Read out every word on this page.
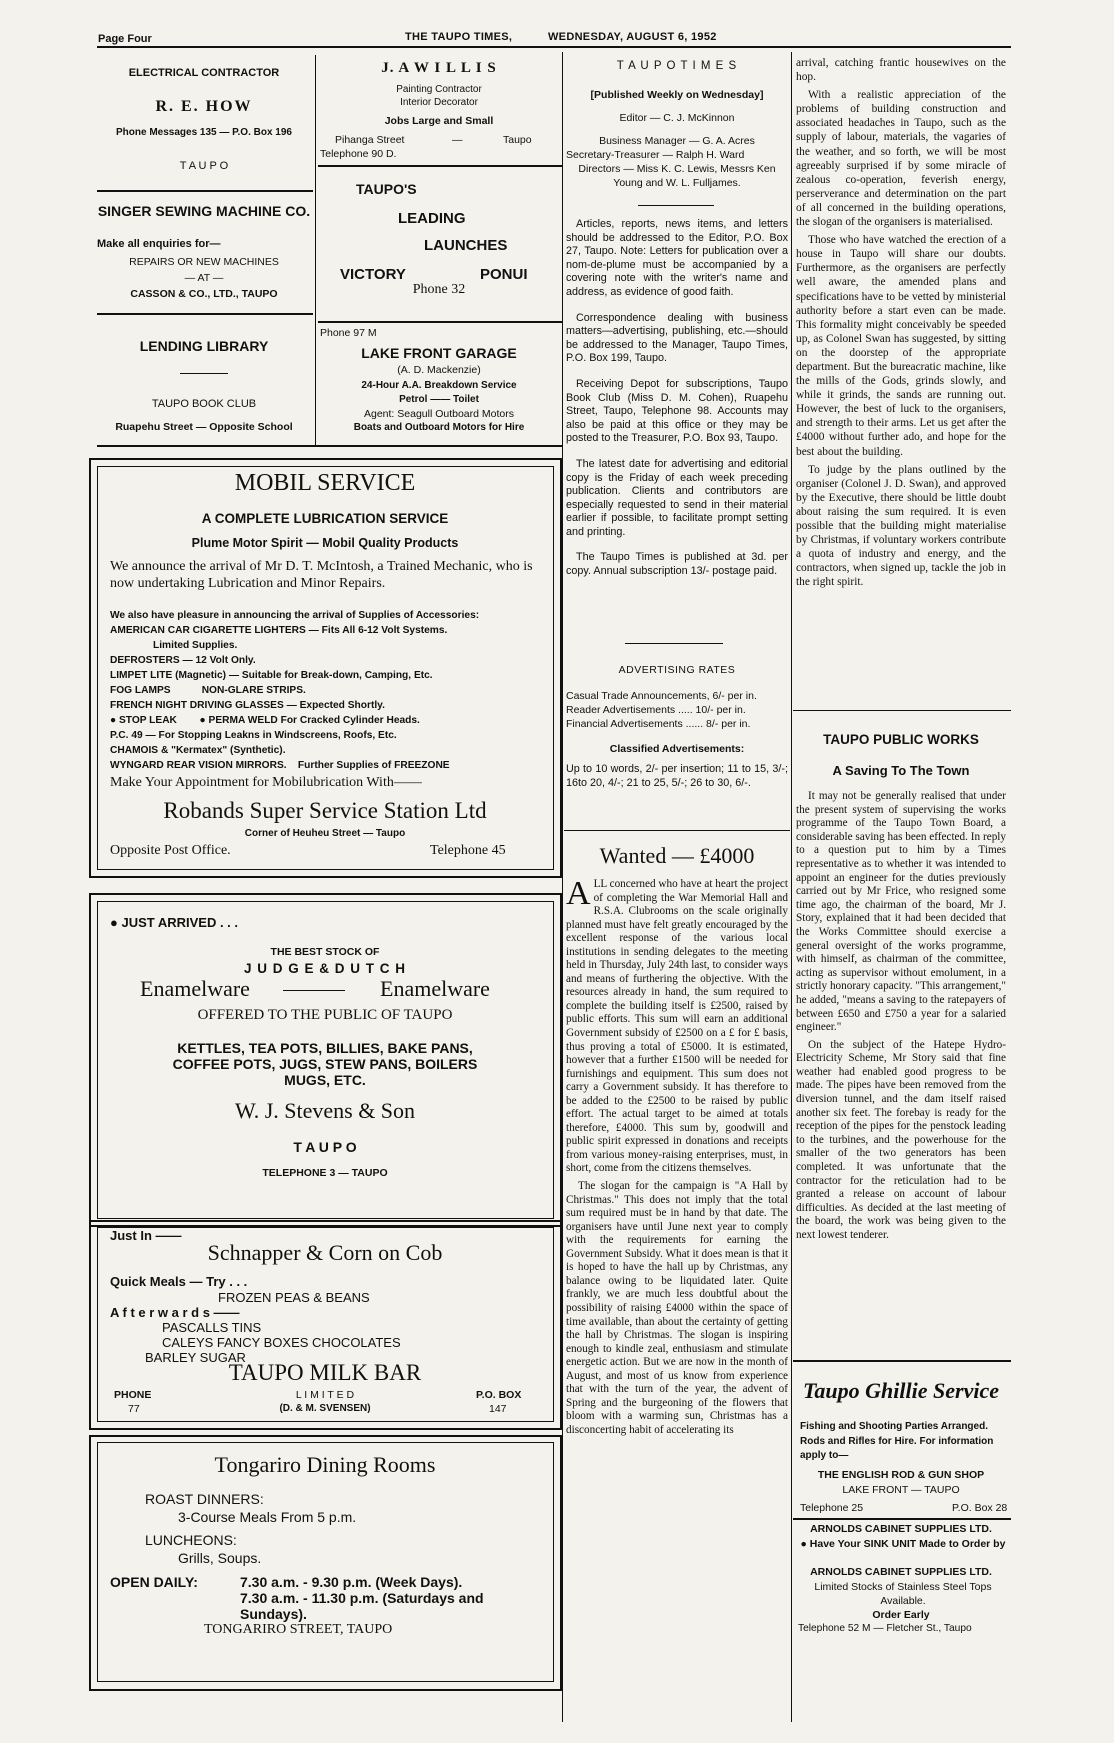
Page Four	THE TAUPO TIMES,	WEDNESDAY, AUGUST 6, 1952
ELECTRICAL CONTRACTOR
R. E. HOW
Phone Messages 135 — P.O. Box 196
T A U P O
SINGER SEWING MACHINE CO.
Make all enquiries for—
REPAIRS OR NEW MACHINES
— AT —
CASSON & CO., LTD., TAUPO
LENDING LIBRARY
TAUPO BOOK CLUB
Ruapehu Street — Opposite School
J. A W I L L I S
Painting Contractor
Interior Decorator
Jobs Large and Small
Pihanga Street	—	Taupo
Telephone 90 D.
TAUPO'S
LEADING
LAUNCHES
VICTORY	PONUI
Phone 32
Phone 97 M
LAKE FRONT GARAGE
(A. D. Mackenzie)
24-Hour A.A. Breakdown Service
Petrol —— Toilet
Agent: Seagull Outboard Motors
Boats and Outboard Motors for Hire
MOBIL SERVICE
A COMPLETE LUBRICATION SERVICE
Plume Motor Spirit — Mobil Quality Products
We announce the arrival of Mr D. T. McIntosh, a Trained Mechanic, who is now undertaking Lubrication and Minor Repairs.
We also have pleasure in announcing the arrival of Supplies of Accessories:
AMERICAN CAR CIGARETTE LIGHTERS — Fits All 6-12 Volt Systems.
Limited Supplies.
DEFROSTERS — 12 Volt Only.
LIMPET LITE (Magnetic) — Suitable for Break-down, Camping, Etc.
FOG LAMPS           NON-GLARE STRIPS.
FRENCH NIGHT DRIVING GLASSES — Expected Shortly.
● STOP LEAK        ● PERMA WELD For Cracked Cylinder Heads.
P.C. 49 — For Stopping Leakns in Windscreens, Roofs, Etc.
CHAMOIS & "Kermatex" (Synthetic).
WYNGARD REAR VISION MIRRORS.    Further Supplies of FREEZONE
Make Your Appointment for Mobilubrication With——
Robands Super Service Station Ltd
Corner of Heuheu Street — Taupo
Opposite Post Office.	Telephone 45
● JUST ARRIVED . . .
THE BEST STOCK OF
J U D G E & D U T C H
Enamelware	Enamelware
OFFERED TO THE PUBLIC OF TAUPO
KETTLES, TEA POTS, BILLIES, BAKE PANS,
COFFEE POTS, JUGS, STEW PANS, BOILERS
MUGS, ETC.
W. J. Stevens & Son
T A U P O
TELEPHONE 3 — TAUPO
Just In ——
Schnapper & Corn on Cob
Quick Meals — Try . . .
FROZEN PEAS & BEANS
A f t e r w a r d s ——
PASCALLS TINS
CALEYS FANCY BOXES CHOCOLATES
BARLEY SUGAR
TAUPO MILK BAR
PHONE
77
L I M I T E D
(D. & M. SVENSEN)
P.O. BOX
147
Tongariro Dining Rooms
ROAST DINNERS:
3-Course Meals From 5 p.m.
LUNCHEONS:
Grills, Soups.
OPEN DAILY:	7.30 a.m. - 9.30 p.m. (Week Days).
7.30 a.m. - 11.30 p.m. (Saturdays and
Sundays).
TONGARIRO STREET, TAUPO
T A U P O T I M E S
[Published Weekly on Wednesday]
Editor — C. J. McKinnon
Business Manager — G. A. Acres
Secretary-Treasurer — Ralph H. Ward
Directors — Miss K. C. Lewis, Messrs Ken Young and W. L. Fulljames.

Articles, reports, news items, and letters should be addressed to the Editor, P.O. Box 27, Taupo. Note: Letters for publication over a nom-de-plume must be accompanied by a covering note with the writer's name and address, as evidence of good faith.

Correspondence dealing with business matters—advertising, publishing, etc.—should be addressed to the Manager, Taupo Times, P.O. Box 199, Taupo.

Receiving Depot for subscriptions, Taupo Book Club (Miss D. M. Cohen), Ruapehu Street, Taupo, Telephone 98. Accounts may also be paid at this office or they may be posted to the Treasurer, P.O. Box 93, Taupo.

The latest date for advertising and editorial copy is the Friday of each week preceding publication. Clients and contributors are especially requested to send in their material earlier if possible, to facilitate prompt setting and printing.

The Taupo Times is published at 3d. per copy. Annual subscription 13/- postage paid.

ADVERTISING RATES
Casual Trade Announcements, 6/- per in.
Reader Advertisements ..... 10/- per in.
Financial Advertisements ...... 8/- per in.
Classified Advertisements:
Up to 10 words, 2/- per insertion; 11 to 15, 3/-; 16to 20, 4/-; 21 to 25, 5/-; 26 to 30, 6/-.
Wanted — £4000

ALL concerned who have at heart the project of completing the War Memorial Hall and R.S.A. Clubrooms on the scale originally planned must have felt greatly encouraged by the excellent response of the various local institutions in sending delegates to the meeting held in Thursday, July 24th last, to consider ways and means of furthering the objective. With the resources already in hand, the sum required to complete the building itself is £2500, raised by public efforts. This sum will earn an additional Government subsidy of £2500 on a £ for £ basis, thus proving a total of £5000. It is estimated, however that a further £1500 will be needed for furnishings and equipment. This sum does not carry a Government subsidy. It has therefore to be added to the £2500 to be raised by public effort. The actual target to be aimed at totals therefore, £4000. This sum by, goodwill and public spirit expressed in donations and receipts from various money-raising enterprises, must, in short, come from the citizens themselves.

The slogan for the campaign is "A Hall by Christmas." This does not imply that the total sum required must be in hand by that date. The organisers have until June next year to comply with the requirements for earning the Government Subsidy. What it does mean is that it is hoped to have the hall up by Christmas, any balance owing to be liquidated later. Quite frankly, we are much less doubtful about the possibility of raising £4000 within the space of time available, than about the certainty of getting the hall by Christmas. The slogan is inspiring enough to kindle zeal, enthusiasm and stimulate energetic action. But we are now in the month of August, and most of us know from experience that with the turn of the year, the advent of Spring and the burgeoning of the flowers that bloom with a warming sun, Christmas has a disconcerting habit of accelerating its

arrival, catching frantic housewives on the hop.

With a realistic appreciation of the problems of building construction and associated headaches in Taupo, such as the supply of labour, materials, the vagaries of the weather, and so forth, we will be most agreeably surprised if by some miracle of zealous co-operation, feverish energy, perserverance and determination on the part of all concerned in the building operations, the slogan of the organisers is materialised.

Those who have watched the erection of a house in Taupo will share our doubts. Furthermore, as the organisers are perfectly well aware, the amended plans and specifications have to be vetted by ministerial authority before a start even can be made. This formality might conceivably be speeded up, as Colonel Swan has suggested, by sitting on the doorstep of the appropriate department. But the bureacratic machine, like the mills of the Gods, grinds slowly, and while it grinds, the sands are running out. However, the best of luck to the organisers, and strength to their arms. Let us get after the £4000 without further ado, and hope for the best about the building.

To judge by the plans outlined by the organiser (Colonel J. D. Swan), and approved by the Executive, there should be little doubt about raising the sum required. It is even possible that the building might materialise by Christmas, if voluntary workers contribute a quota of industry and energy, and the contractors, when signed up, tackle the job in the right spirit.

TAUPO PUBLIC WORKS
A Saving To The Town

It may not be generally realised that under the present system of supervising the works programme of the Taupo Town Board, a considerable saving has been effected. In reply to a question put to him by a Times representative as to whether it was intended to appoint an engineer for the duties previously carried out by Mr Frice, who resigned some time ago, the chairman of the board, Mr J. Story, explained that it had been decided that the Works Committee should exercise a general oversight of the works programme, with himself, as chairman of the committee, acting as supervisor without emolument, in a strictly honorary capacity. "This arrangement," he added, "means a saving to the ratepayers of between £650 and £750 a year for a salaried engineer."

On the subject of the Hatepe Hydro-Electricity Scheme, Mr Story said that fine weather had enabled good progress to be made. The pipes have been removed from the diversion tunnel, and the dam itself raised another six feet. The forebay is ready for the reception of the pipes for the penstock leading to the turbines, and the powerhouse for the smaller of the two generators has been completed. It was unfortunate that the contractor for the reticulation had to be granted a release on account of labour difficulties. As decided at the last meeting of the board, the work was being given to the next lowest tenderer.

Taupo Ghillie Service
Fishing and Shooting Parties Arranged.
Rods and Rifles for Hire. For information apply to—
THE ENGLISH ROD & GUN SHOP
LAKE FRONT — TAUPO
Telephone 25	P.O. Box 28
ARNOLDS CABINET SUPPLIES LTD.
● Have Your SINK UNIT Made to Order by
ARNOLDS CABINET SUPPLIES LTD.
Limited Stocks of Stainless Steel Tops Available.
Order Early
Telephone 52 M — Fletcher St., Taupo
